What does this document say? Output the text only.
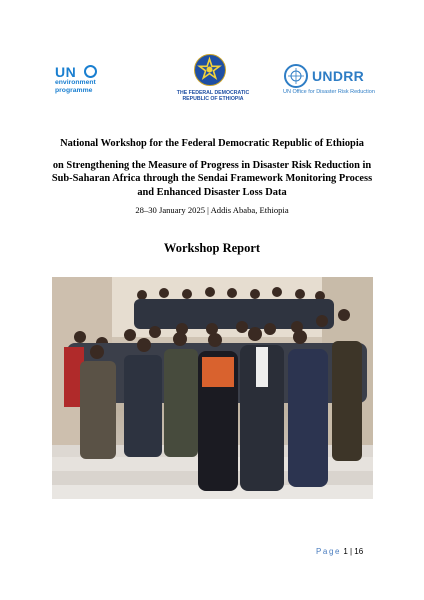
UN
environment
programme	THE FEDERAL DEMOCRATIC
REPUBLIC OF ETHIOPIA
UNDRR
UN Office for Disaster Risk Reduction
National Workshop for the Federal Democratic Republic of Ethiopia
on Strengthening the Measure of Progress in Disaster Risk Reduction in
Sub-Saharan Africa through the Sendai Framework Monitoring Process
and Enhanced Disaster Loss Data
28–30 January 2025 | Addis Ababa, Ethiopia
Workshop Report
Page 1 | 16
